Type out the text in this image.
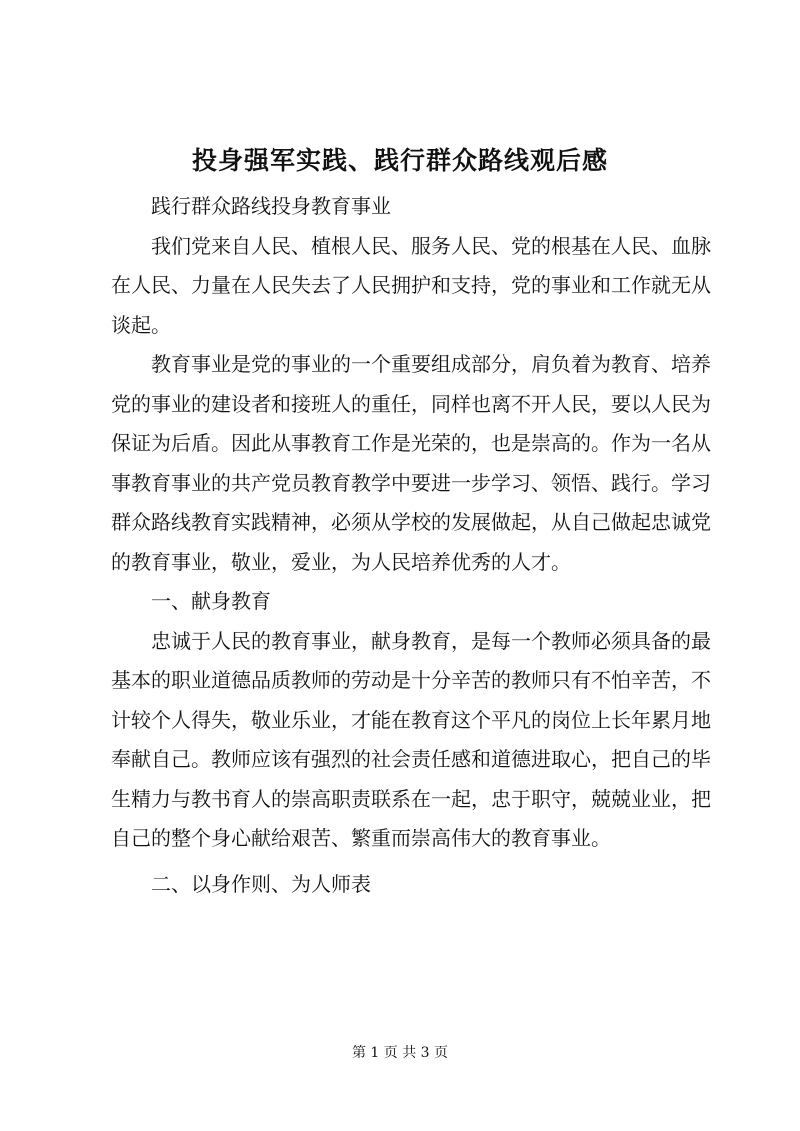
投身强军实践、践行群众路线观后感

践行群众路线投身教育事业

我们党来自人民、植根人民、服务人民、党的根基在人民、血脉在人民、力量在人民失去了人民拥护和支持，党的事业和工作就无从谈起。

教育事业是党的事业的一个重要组成部分，肩负着为教育、培养党的事业的建设者和接班人的重任，同样也离不开人民，要以人民为保证为后盾。因此从事教育工作是光荣的，也是崇高的。作为一名从事教育事业的共产党员教育教学中要进一步学习、领悟、践行。学习群众路线教育实践精神，必须从学校的发展做起，从自己做起忠诚党的教育事业，敬业，爱业，为人民培养优秀的人才。

一、献身教育

忠诚于人民的教育事业，献身教育，是每一个教师必须具备的最基本的职业道德品质教师的劳动是十分辛苦的教师只有不怕辛苦，不计较个人得失，敬业乐业，才能在教育这个平凡的岗位上长年累月地奉献自己。教师应该有强烈的社会责任感和道德进取心，把自己的毕生精力与教书育人的崇高职责联系在一起，忠于职守，兢兢业业，把自己的整个身心献给艰苦、繁重而崇高伟大的教育事业。

二、以身作则、为人师表

第 1 页 共 3 页
